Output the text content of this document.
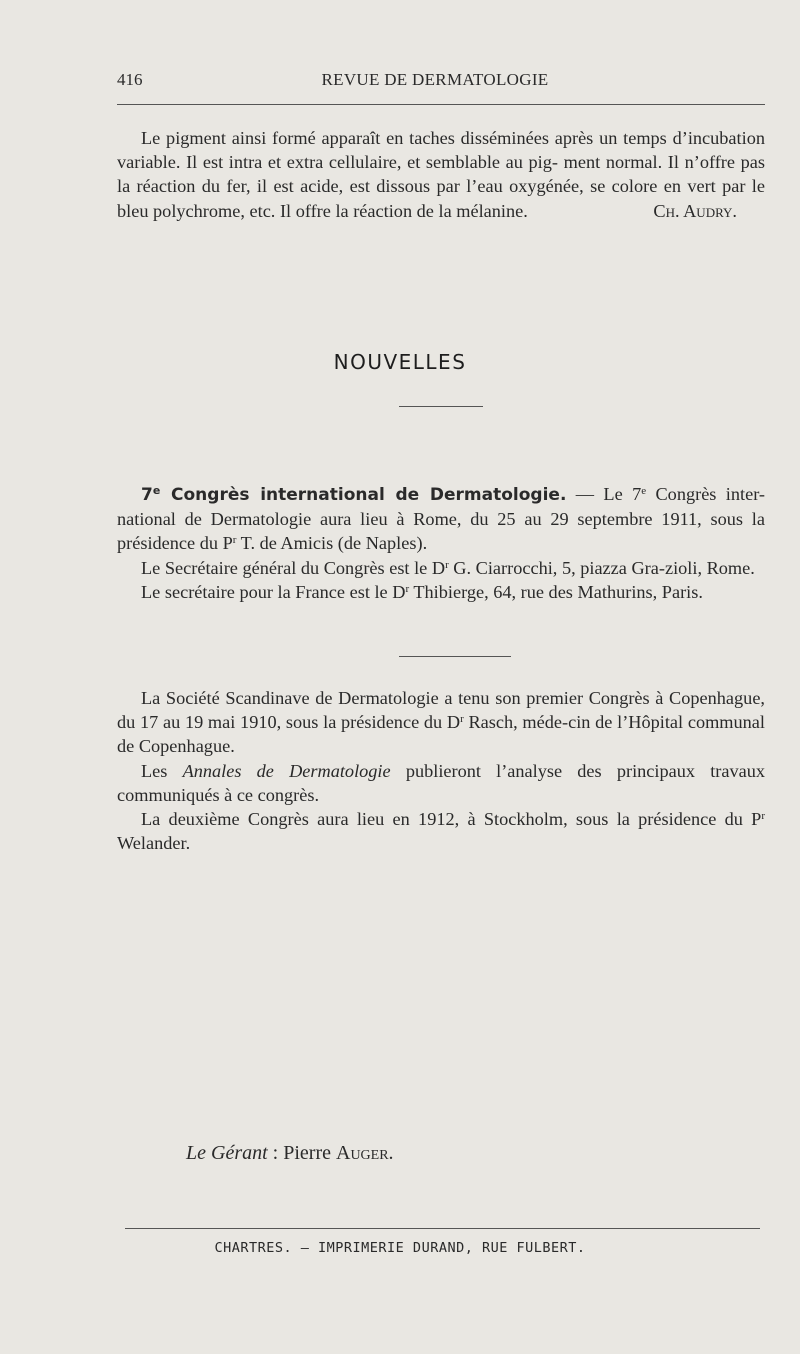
416	REVUE DE DERMATOLOGIE

Le pigment ainsi formé apparaît en taches disséminées après un temps d’incubation variable. Il est intra et extra cellulaire, et semblable au pig- ment normal. Il n’offre pas la réaction du fer, il est acide, est dissous par l’eau oxygénée, se colore en vert par le bleu polychrome, etc. Il offre la réaction de la mélanine.	Ch. Audry.

NOUVELLES

7e Congrès international de Dermatologie. — Le 7e Congrès inter-national de Dermatologie aura lieu à Rome, du 25 au 29 septembre 1911, sous la présidence du $P^r$ T. de Amicis (de Naples).

Le Secrétaire général du Congrès est le $D^r$ G. Ciarrocchi, 5, piazza Gra-zioli, Rome.

Le secrétaire pour la France est le $D^r$ Thibierge, 64, rue des Mathurins, Paris.

La Société Scandinave de Dermatologie a tenu son premier Congrès à Copenhague, du 17 au 19 mai 1910, sous la présidence du $D^r$ Rasch, méde-cin de l’Hôpital communal de Copenhague.

Les Annales de Dermatologie publieront l’analyse des principaux travaux communiqués à ce congrès.

La deuxième Congrès aura lieu en 1912, à Stockholm, sous la présidence du $P^r$ Welander.

Le Gérant : Pierre Auger.
CHARTRES. — IMPRIMERIE DURAND, RUE FULBERT.
